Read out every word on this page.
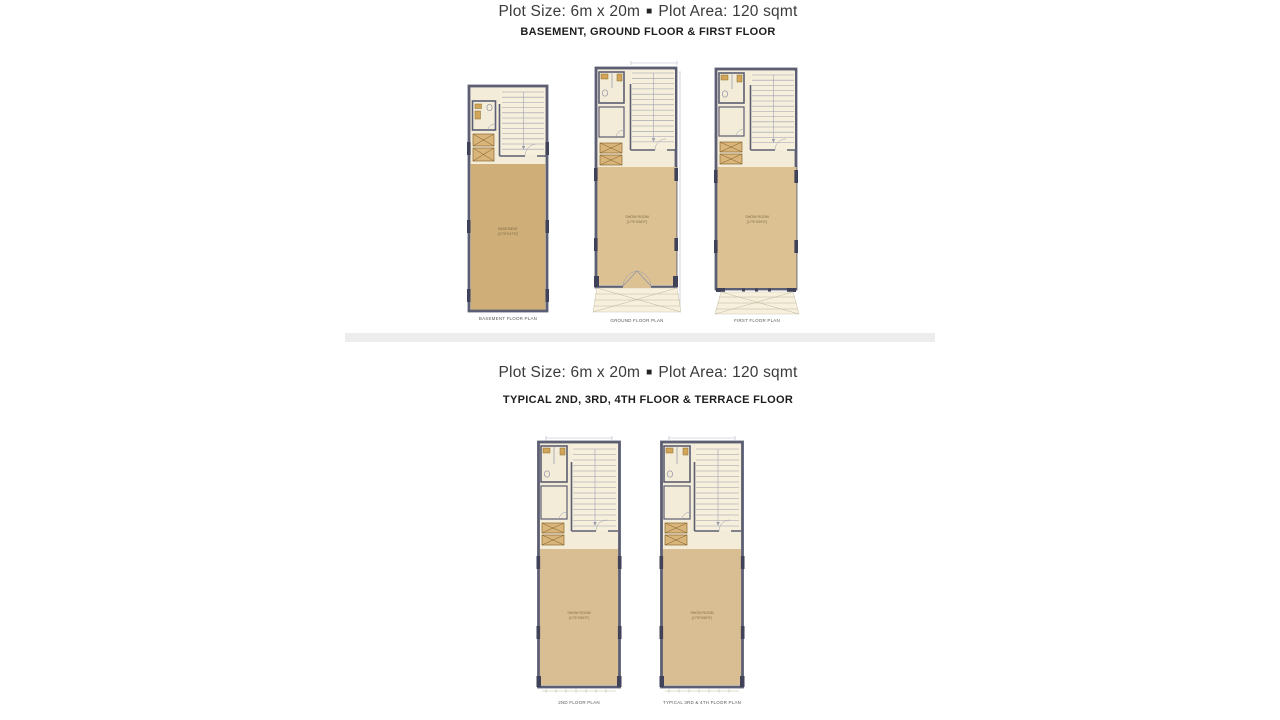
Plot Size: 6m x 20m ■ Plot Area: 120 sqmt
BASEMENT, GROUND FLOOR & FIRST FLOOR
BASEMENT
(17'6"X47'6")
BASEMENT FLOOR PLAN
SHOW ROOM
(17'6"X36'0")
GROUND FLOOR PLAN
SHOW ROOM
(17'6"X39'0")
FIRST FLOOR PLAN
Plot Size: 6m x 20m ■ Plot Area: 120 sqmt
TYPICAL 2ND, 3RD, 4TH FLOOR & TERRACE FLOOR
SHOW ROOM
(17'6"X50'0")
2ND FLOOR PLAN
SHOW ROOM
(17'6"X50'0")
TYPICAL 3RD & 4TH FLOOR PLAN
